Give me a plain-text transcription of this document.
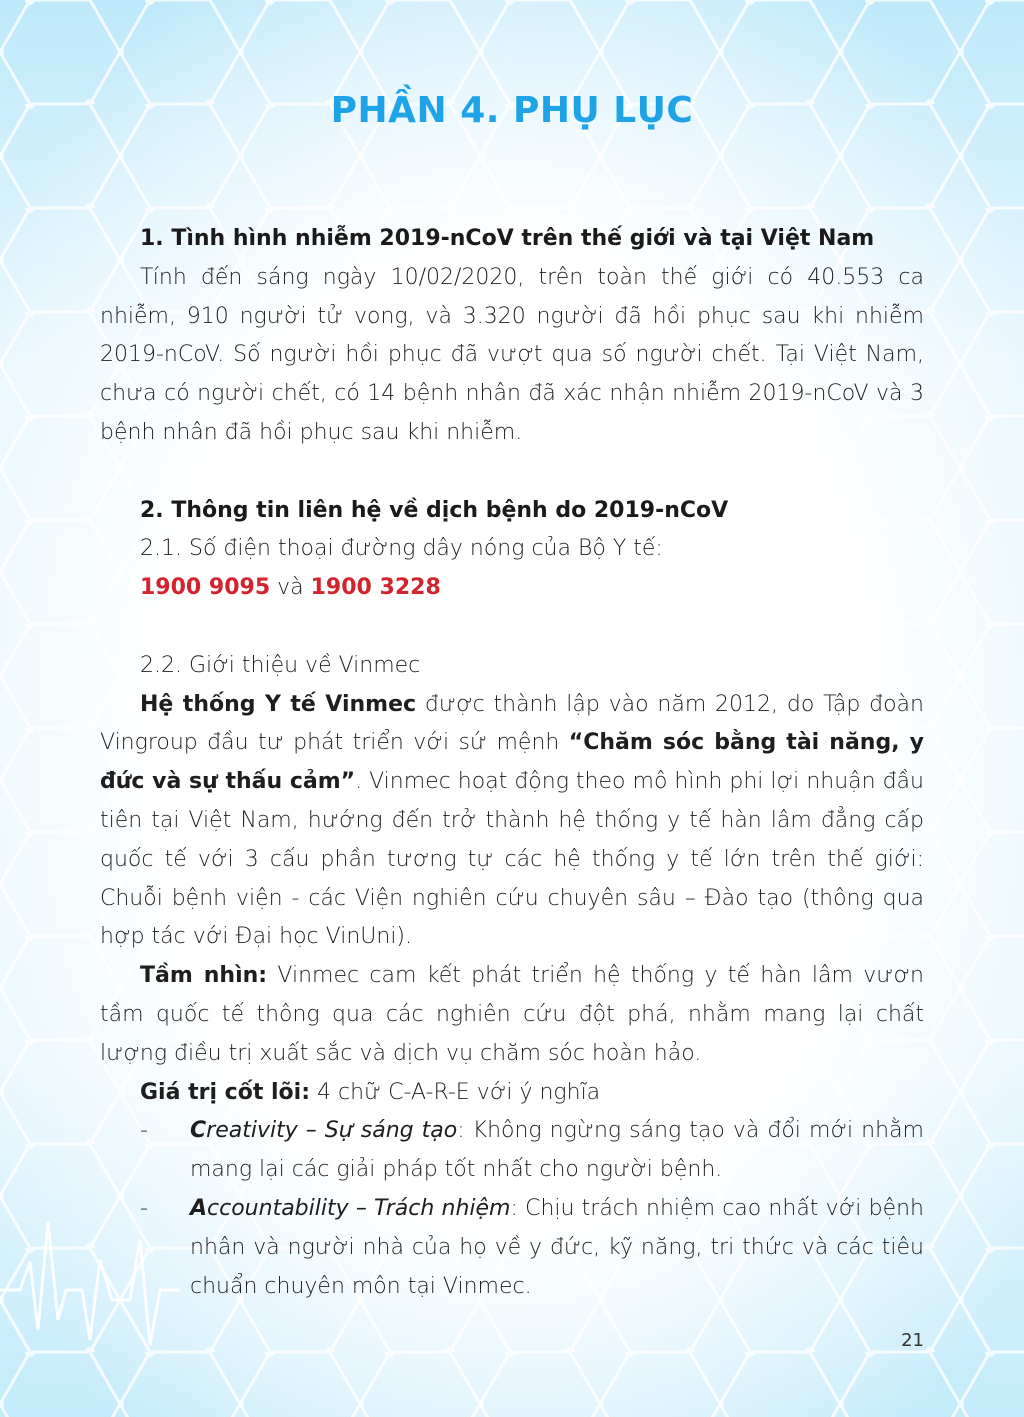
PHẦN 4. PHỤ LỤC

1. Tình hình nhiễm 2019-nCoV trên thế giới và tại Việt Nam

Tính đến sáng ngày 10/02/2020, trên toàn thế giới có 40.553 ca nhiễm, 910 người tử vong, và 3.320 người đã hồi phục sau khi nhiễm 2019-nCoV. Số người hồi phục đã vượt qua số người chết. Tại Việt Nam, chưa có người chết, có 14 bệnh nhân đã xác nhận nhiễm 2019-nCoV và 3 bệnh nhân đã hồi phục sau khi nhiễm.

2. Thông tin liên hệ về dịch bệnh do 2019-nCoV

2.1. Số điện thoại đường dây nóng của Bộ Y tế:

1900 9095 và 1900 3228

2.2. Giới thiệu về Vinmec

Hệ thống Y tế Vinmec được thành lập vào năm 2012, do Tập đoàn Vingroup đầu tư phát triển với sứ mệnh “Chăm sóc bằng tài năng, y đức và sự thấu cảm”. Vinmec hoạt động theo mô hình phi lợi nhuận đầu tiên tại Việt Nam, hướng đến trở thành hệ thống y tế hàn lâm đẳng cấp quốc tế với 3 cấu phần tương tự các hệ thống y tế lớn trên thế giới: Chuỗi bệnh viện - các Viện nghiên cứu chuyên sâu – Đào tạo (thông qua hợp tác với Đại học VinUni).

Tầm nhìn: Vinmec cam kết phát triển hệ thống y tế hàn lâm vươn tầm quốc tế thông qua các nghiên cứu đột phá, nhằm mang lại chất lượng điều trị xuất sắc và dịch vụ chăm sóc hoàn hảo.

Giá trị cốt lõi: 4 chữ C-A-R-E với ý nghĩa

-	Creativity – Sự sáng tạo: Không ngừng sáng tạo và đổi mới nhằm mang lại các giải pháp tốt nhất cho người bệnh.
-	Accountability – Trách nhiệm: Chịu trách nhiệm cao nhất với bệnh nhân và người nhà của họ về y đức, kỹ năng, tri thức và các tiêu chuẩn chuyên môn tại Vinmec.
21
